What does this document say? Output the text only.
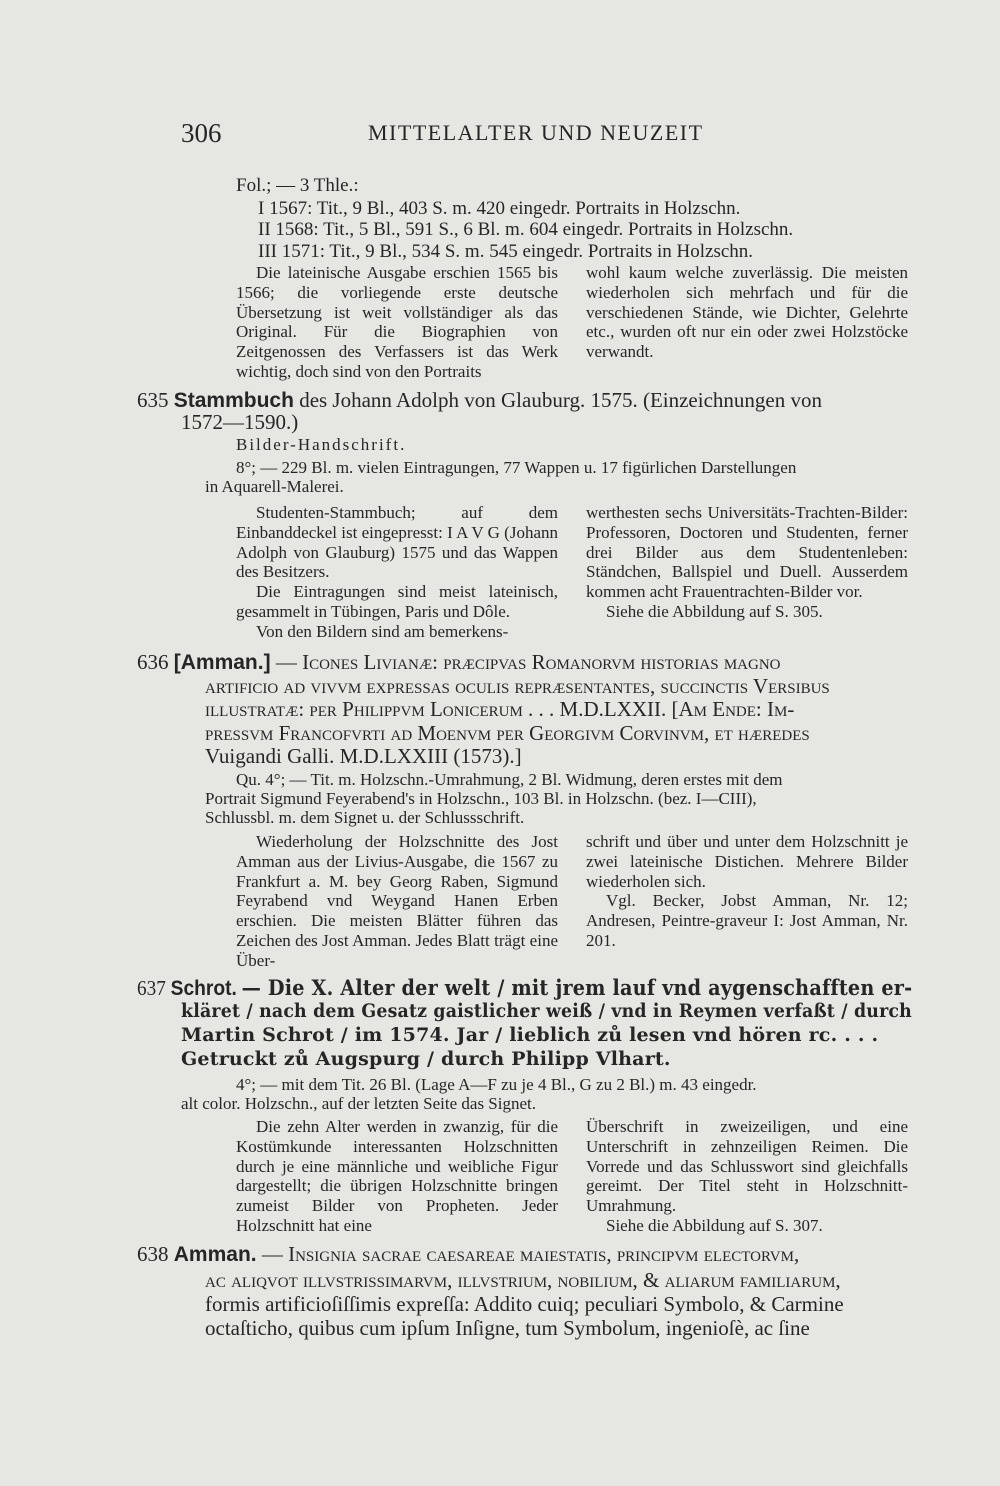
306	MITTELALTER UND NEUZEIT
Fol.; — 3 Thle.:
I 1567: Tit., 9 Bl., 403 S. m. 420 eingedr. Portraits in Holzschn.
II 1568: Tit., 5 Bl., 591 S., 6 Bl. m. 604 eingedr. Portraits in Holzschn.
III 1571: Tit., 9 Bl., 534 S. m. 545 eingedr. Portraits in Holzschn.

Die lateinische Ausgabe erschien 1565 bis 1566; die vorliegende erste deutsche Übersetzung ist weit vollständiger als das Original. Für die Biographien von Zeitgenossen des Verfassers ist das Werk wichtig, doch sind von den Portraits

wohl kaum welche zuverlässig. Die meisten wiederholen sich mehrfach und für die verschiedenen Stände, wie Dichter, Gelehrte etc., wurden oft nur ein oder zwei Holzstöcke verwandt.

635 Stammbuch des Johann Adolph von Glauburg. 1575. (Einzeichnungen von
1572—1590.)
Bilder-Handschrift.
8°; — 229 Bl. m. vielen Eintragungen, 77 Wappen u. 17 figürlichen Darstellungen
in Aquarell-Malerei.

Studenten-Stammbuch; auf dem Einbanddeckel ist eingepresst: I A V G (Johann Adolph von Glauburg) 1575 und das Wappen des Besitzers.

Die Eintragungen sind meist lateinisch, gesammelt in Tübingen, Paris und Dôle.

Von den Bildern sind am bemerkens-

werthesten sechs Universitäts-Trachten-Bilder: Professoren, Doctoren und Studenten, ferner drei Bilder aus dem Studentenleben: Ständchen, Ballspiel und Duell. Ausserdem kommen acht Frauentrachten-Bilder vor.

Siehe die Abbildung auf S. 305.

636 [Amman.] — Icones Livianæ: præcipvas Romanorvm historias magno
artificio ad vivvm expresſas oculis repræſentantes, ſuccinctis Verſibus
illuſtratæ: per Philippvm Lonicerum . . . M.D.LXXII. [Am Ende: Im-
pressvm Francofvrti ad Moenvm per Georgivm Corvinvm, et hæredes
Vuigandi Galli. M.D.LXXIII (1573).]
Qu. 4°; — Tit. m. Holzschn.-Umrahmung, 2 Bl. Widmung, deren erstes mit dem
Portrait Sigmund Feyerabend's in Holzschn., 103 Bl. in Holzschn. (bez. I—CIII),
Schlussbl. m. dem Signet u. der Schlussschrift.

Wiederholung der Holzschnitte des Jost Amman aus der Livius-Ausgabe, die 1567 zu Frankfurt a. M. bey Georg Raben, Sigmund Feyrabend vnd Weygand Hanen Erben erschien. Die meisten Blätter führen das Zeichen des Jost Amman. Jedes Blatt trägt eine Über-

schrift und über und unter dem Holzschnitt je zwei lateinische Distichen. Mehrere Bilder wiederholen sich.

Vgl. Becker, Jobst Amman, Nr. 12; Andresen, Peintre-graveur I: Jost Amman, Nr. 201.

637 Schrot. — Die X. Alter der welt / mit jrem lauf vnd aygenschafften er-
kläret / nach dem Gesatz gaistlicher weiß / vnd in Reymen verfaßt / durch
Martin Schrot / im 1574. Jar / lieblich zů lesen vnd hören rc. . . .
Getruckt zů Augspurg / durch Philipp Vlhart.
4°; — mit dem Tit. 26 Bl. (Lage A—F zu je 4 Bl., G zu 2 Bl.) m. 43 eingedr.
alt color. Holzschn., auf der letzten Seite das Signet.

Die zehn Alter werden in zwanzig, für die Kostümkunde interessanten Holzschnitten durch je eine männliche und weibliche Figur dargestellt; die übrigen Holzschnitte bringen zumeist Bilder von Propheten. Jeder Holzschnitt hat eine

Überschrift in zweizeiligen, und eine Unterschrift in zehnzeiligen Reimen. Die Vorrede und das Schlusswort sind gleichfalls gereimt. Der Titel steht in Holzschnitt-Umrahmung.

Siehe die Abbildung auf S. 307.

638 Amman. — Insignia sacrae caesareae maiestatis, principvm electorvm,
ac aliqvot illvstrissimarvm, illvſtrium, nobilium, & aliarum familiarum,
formis artificioſiſſimis expreſſa: Addito cuiq; peculiari Symbolo, & Carmine
octaſticho, quibus cum ipſum Inſigne, tum Symbolum, ingenioſè, ac ſine
